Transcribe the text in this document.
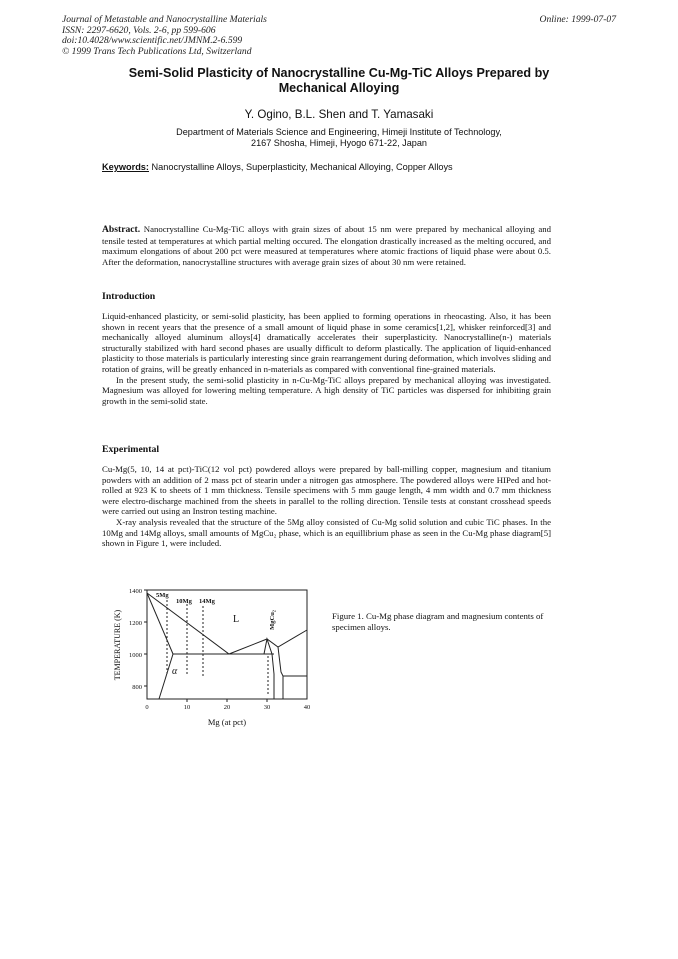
Journal of Metastable and Nanocrystalline Materials
ISSN: 2297-6620, Vols. 2-6, pp 599-606
doi:10.4028/www.scientific.net/JMNM.2-6.599
© 1999 Trans Tech Publications Ltd, Switzerland
Online: 1999-07-07
Semi-Solid Plasticity of Nanocrystalline Cu-Mg-TiC Alloys Prepared by
Mechanical Alloying
Y. Ogino, B.L. Shen and T. Yamasaki
Department of Materials Science and Engineering, Himeji Institute of Technology,
2167 Shosha, Himeji, Hyogo 671-22, Japan
Keywords: Nanocrystalline Alloys, Superplasticity, Mechanical Alloying, Copper Alloys

Abstract. Nanocrystalline Cu-Mg-TiC alloys with grain sizes of about 15 nm were prepared by mechanical alloying and tensile tested at temperatures at which partial melting occured. The elongation drastically increased as the melting occured, and maximum elongations of about 200 pct were measured at temperatures where atomic fractions of liquid phase were about 0.5. After the deformation, nanocrystalline structures with average grain sizes of about 30 nm were retained.

Introduction

Liquid-enhanced plasticity, or semi-solid plasticity, has been applied to forming operations in rheocasting. Also, it has been shown in recent years that the presence of a small amount of liquid phase in some ceramics[1,2], whisker reinforced[3] and mechanically alloyed aluminum alloys[4] dramatically accelerates their superplasticity. Nanocrystalline(n-) materials structurally stabilized with hard second phases are usually difficult to deform plastically. The application of liquid-enhanced plasticity to those materials is particularly interesting since grain rearrangement during deformation, which involves sliding and rotation of grains, will be greatly enhanced in n-materials as compared with conventional fine-grained materials.

In the present study, the semi-solid plasticity in n-Cu-Mg-TiC alloys prepared by mechanical alloying was investigated. Magnesium was alloyed for lowering melting temperature. A high density of TiC particles was dispersed for inhibiting grain growth in the semi-solid state.

Experimental

Cu-Mg(5, 10, 14 at pct)-TiC(12 vol pct) powdered alloys were prepared by ball-milling copper, magnesium and titanium powders with an addition of 2 mass pct of stearin under a nitrogen gas atmosphere. The powdered alloys were HIPed and hot-rolled at 923 K to sheets of 1 mm thickness. Tensile specimens with 5 mm gauge length, 4 mm width and 0.7 mm thickness were electro-discharge machined from the sheets in parallel to the rolling direction. Tensile tests at constant crosshead speeds were carried out using an Instron testing machine.

X-ray analysis revealed that the structure of the 5Mg alloy consisted of Cu-Mg solid solution and cubic TiC phases. In the 10Mg and 14Mg alloys, small amounts of MgCu₂ phase, which is an equillibrium phase as seen in the Cu-Mg phase diagram[5] shown in Figure 1, were included.

1400
1200
1000
800
0	10	20	30	40
Mg (at pct)
TEMPERATURE (K)
5Mg
10Mg 14Mg
L
α
MgCu₂	Figure 1. Cu-Mg phase diagram and magnesium contents of specimen alloys.
